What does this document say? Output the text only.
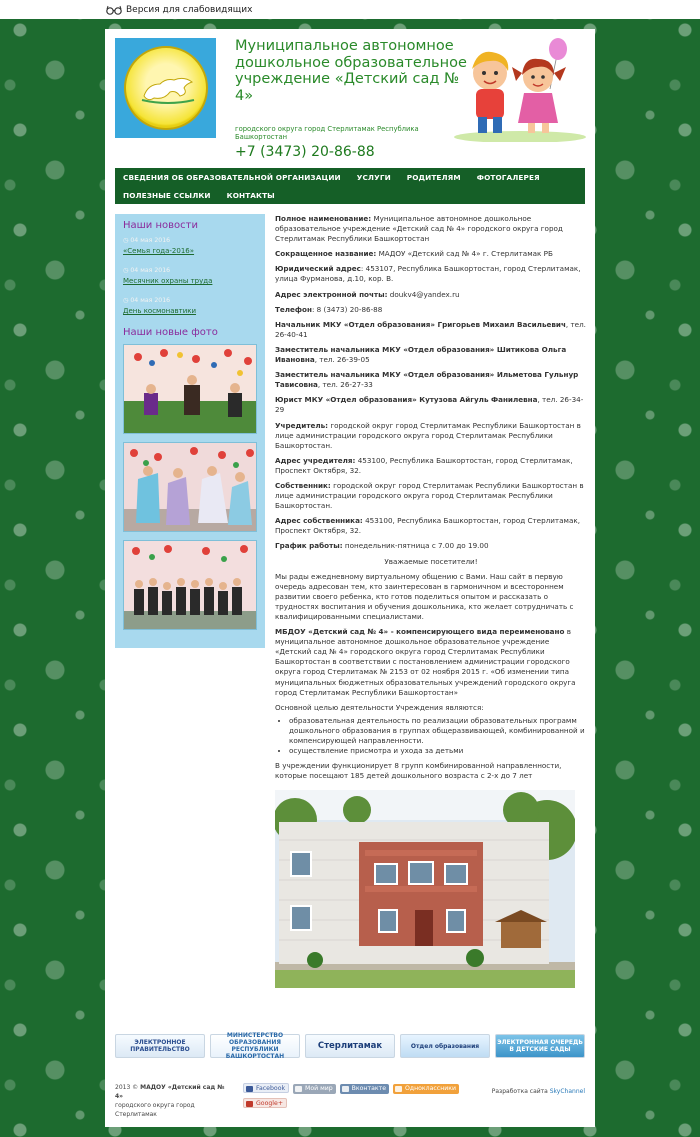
Версия для слабовидящих
Муниципальное автономное дошкольное образовательное учреждение «Детский сад № 4»
городского округа город Стерлитамак Республика Башкортостан
+7 (3473) 20-86-88
СВЕДЕНИЯ ОБ ОБРАЗОВАТЕЛЬНОЙ ОРГАНИЗАЦИИ УСЛУГИ РОДИТЕЛЯМ ФОТОГАЛЕРЕЯ
ПОЛЕЗНЫЕ ССЫЛКИ КОНТАКТЫ
Наши новости
◷ 04 мая 2016
«Семья года-2016»
◷ 04 мая 2016
Месячник охраны труда
◷ 04 мая 2016
День космонавтики
Наши новые фото

Полное наименование: Муниципальное автономное дошкольное образовательное учреждение «Детский сад № 4» городского округа город Стерлитамак Республики Башкортостан

Сокращенное название: МАДОУ «Детский сад № 4» г. Стерлитамак РБ

Юридический адрес: 453107, Республика Башкортостан, город Стерлитамак, улица Фурманова, д.10, кор. В.

Адрес электронной почты: doukv4@yandex.ru

Телефон: 8 (3473) 20-86-88

Начальник МКУ «Отдел образования» Григорьев Михаил Васильевич, тел. 26-40-41

Заместитель начальника МКУ «Отдел образования» Шитикова Ольга Ивановна, тел. 26-39-05

Заместитель начальника МКУ «Отдел образования» Ильметова Гульнур Тависовна, тел. 26-27-33

Юрист МКУ «Отдел образования» Кутузова Айгуль Фанилевна, тел. 26-34-29

Учредитель: городской округ город Стерлитамак Республики Башкортостан в лице администрации городского округа город Стерлитамак Республики Башкортостан.

Адрес учредителя: 453100, Республика Башкортостан, город Стерлитамак, Проспект Октября, 32.

Собственник: городской округ город Стерлитамак Республики Башкортостан в лице администрации городского округа город Стерлитамак Республики Башкортостан.

Адрес собственника: 453100, Республика Башкортостан, город Стерлитамак, Проспект Октября, 32.

График работы: понедельник-пятница с 7.00 до 19.00

Уважаемые посетители!

Мы рады ежедневному виртуальному общению с Вами. Наш сайт в первую очередь адресован тем, кто заинтересован в гармоничном и всестороннем развитии своего ребенка, кто готов поделиться опытом и рассказать о трудностях воспитания и обучения дошкольника, кто желает сотрудничать с квалифицированными специалистами.

МБДОУ «Детский сад № 4» - компенсирующего вида переименовано в муниципальное автономное дошкольное образовательное учреждение «Детский сад № 4» городского округа город Стерлитамак Республики Башкортостан в соответствии с постановлением администрации городского округа город Стерлитамак № 2153 от 02 ноября 2015 г. «Об изменении типа муниципальных бюджетных образовательных учреждений городского округа город Стерлитамак Республики Башкортостан»

Основной целью деятельности Учреждения являются:

• образовательная деятельность по реализации образовательных программ дошкольного образования в группах общеразвивающей, комбинированной и компенсирующей направленности.
• осуществление присмотра и ухода за детьми

В учреждении функционирует 8 групп комбинированной направленности, которые посещают 185 детей дошкольного возраста с 2-х до 7 лет

ЭЛЕКТРОННОЕ ПРАВИТЕЛЬСТВО
МИНИСТЕРСТВО ОБРАЗОВАНИЯ РЕСПУБЛИКИ БАШКОРТОСТАН
Стерлитамак	Отдел образования	ЭЛЕКТРОННАЯ ОЧЕРЕДЬ В ДЕТСКИЕ САДЫ
2013 © МАДОУ «Детский сад № 4»
городского округа город Стерлитамак
Facebook	Мой мир	Вконтакте	Одноклассники Google+
Разработка сайта SkyChannel
